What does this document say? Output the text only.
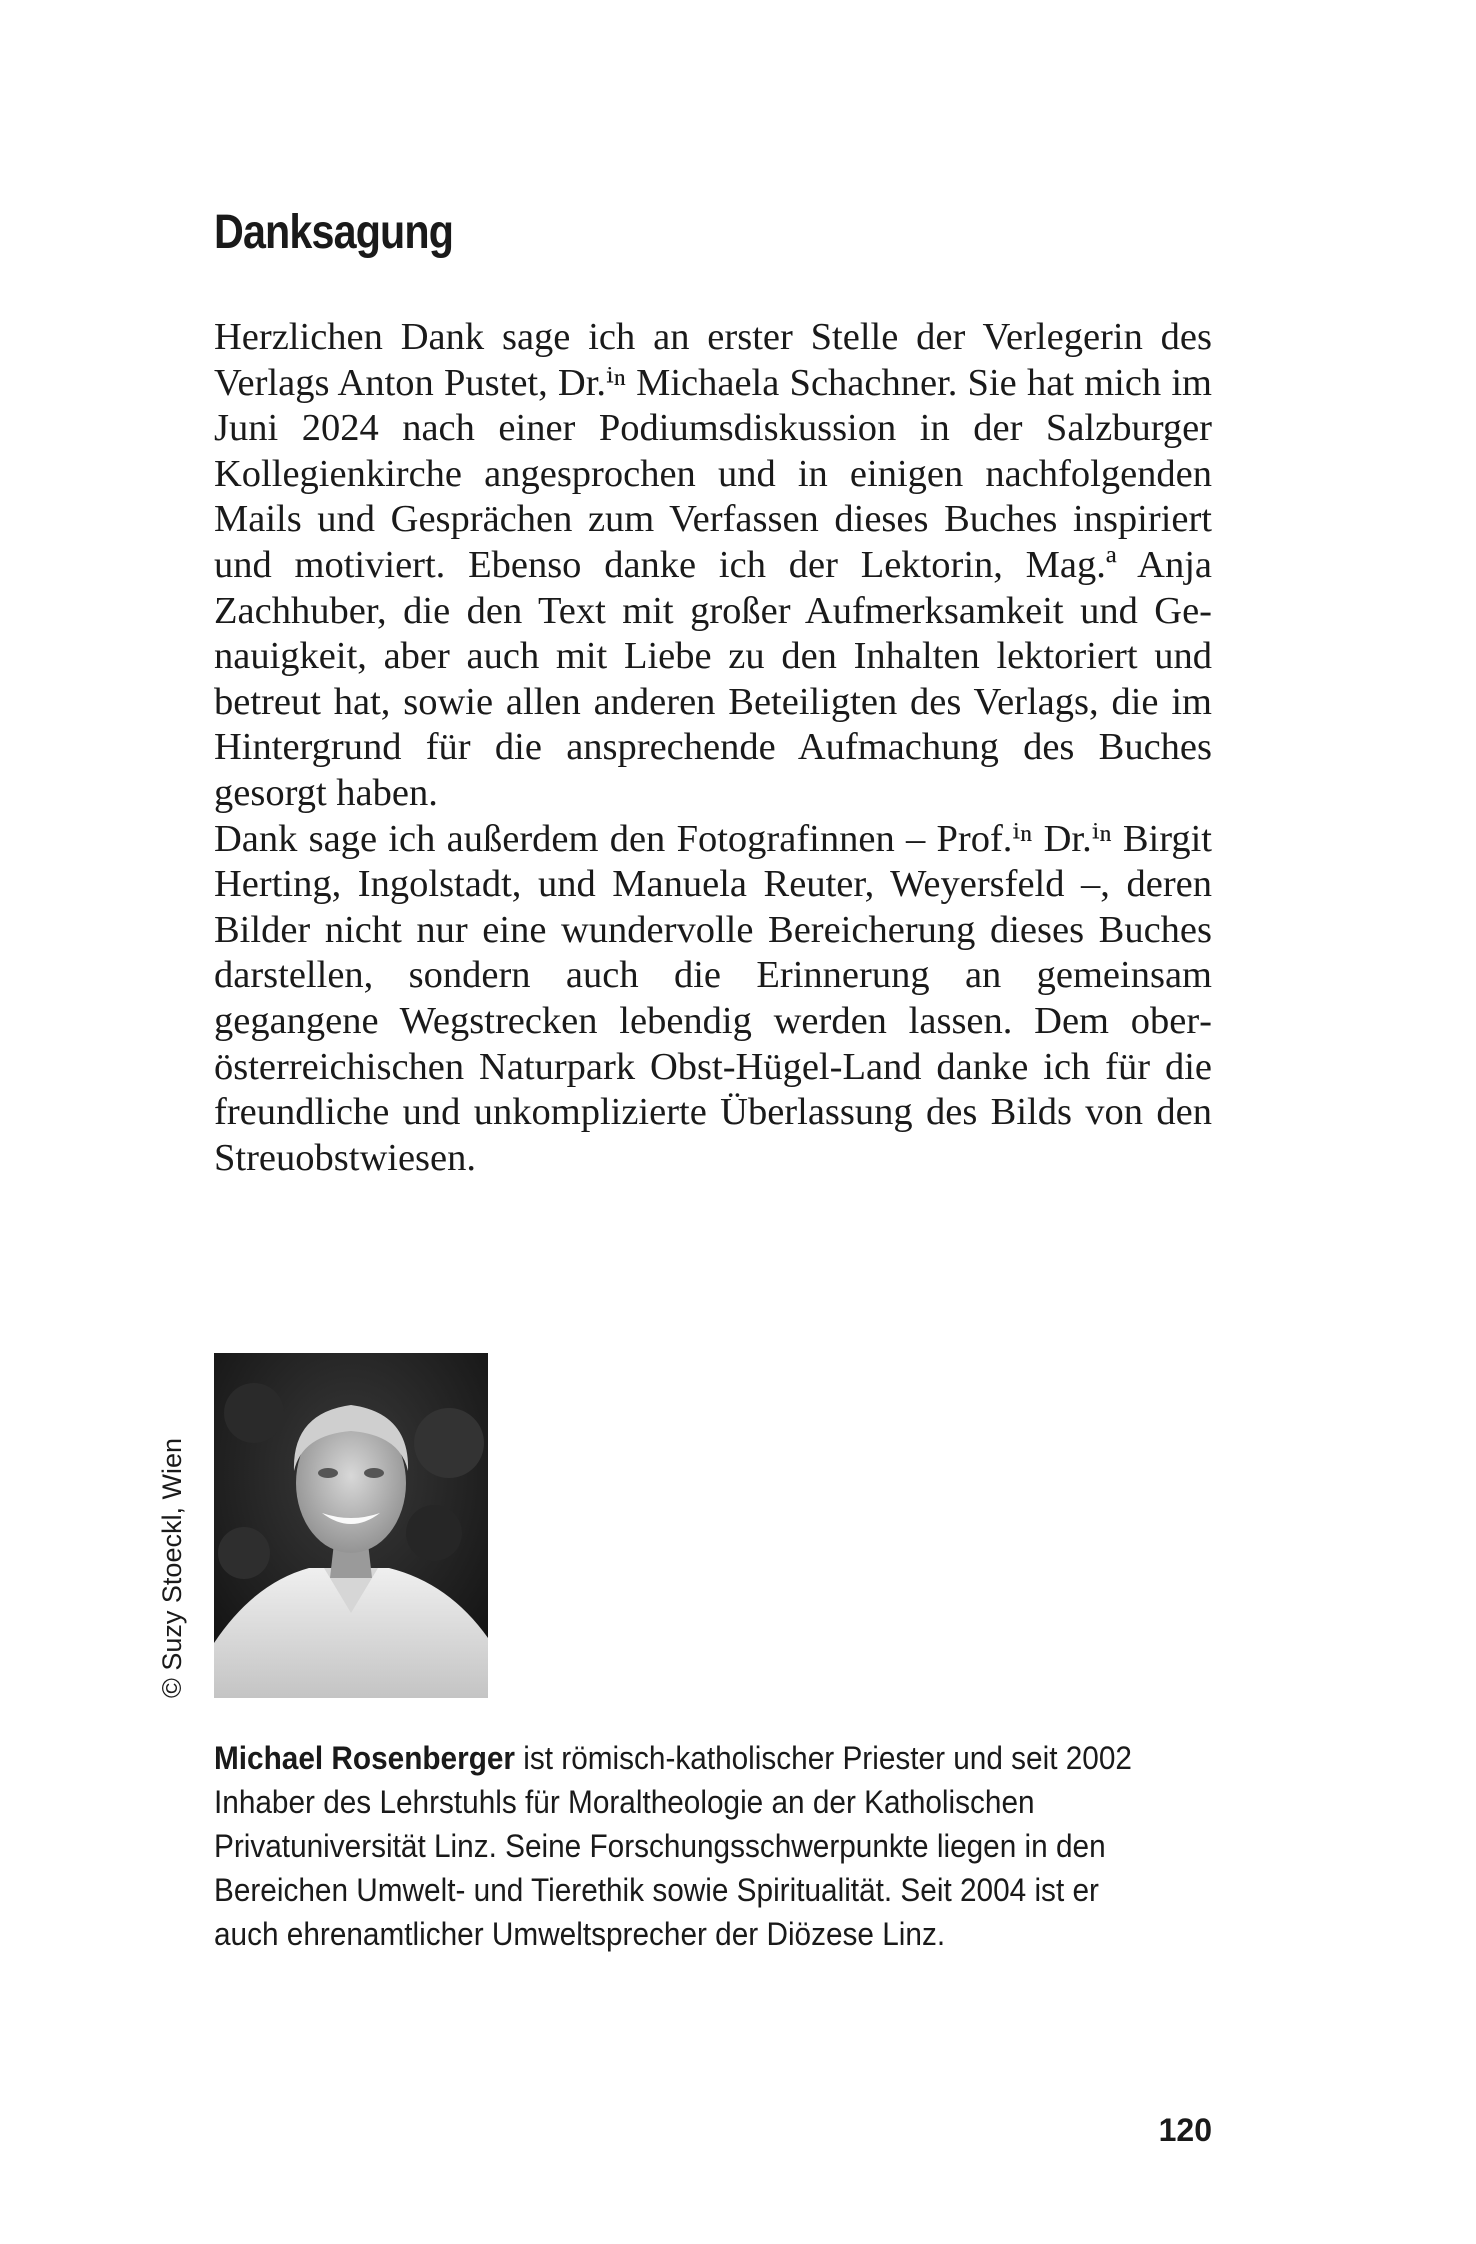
Danksagung

Herzlichen Dank sage ich an erster Stelle der Verlegerin des Verlags Anton Pustet, Dr.ⁱⁿ Michaela Schachner. Sie hat mich im Juni 2024 nach einer Podiumsdiskussion in der Salzburger Kollegienkirche angesprochen und in einigen nachfolgenden Mails und Gesprächen zum Verfassen dieses Buches inspiriert und motiviert. Ebenso danke ich der Lektorin, Mag.ª Anja Zachhuber, die den Text mit großer Aufmerksamkeit und Genauigkeit, aber auch mit Liebe zu den Inhalten lektoriert und betreut hat, sowie allen anderen Beteiligten des Verlags, die im Hintergrund für die ansprechende Aufmachung des Buches gesorgt haben.

Dank sage ich außerdem den Fotografinnen – Prof.ⁱⁿ Dr.ⁱⁿ Birgit Herting, Ingolstadt, und Manuela Reuter, Weyersfeld –, deren Bilder nicht nur eine wundervolle Bereicherung dieses Buches darstellen, sondern auch die Erinnerung an gemeinsam gegangene Wegstrecken lebendig werden lassen. Dem oberösterreichischen Naturpark Obst-Hügel-Land danke ich für die freundliche und unkomplizierte Überlassung des Bilds von den Streuobstwiesen.

© Suzy Stoeckl, Wien
Michael Rosenberger ist römisch-katholischer Priester und seit 2002 Inhaber des Lehrstuhls für Moraltheologie an der Katholischen Privatuniversität Linz. Seine Forschungsschwerpunkte liegen in den Bereichen Umwelt- und Tierethik sowie Spiritualität. Seit 2004 ist er auch ehrenamtlicher Umweltsprecher der Diözese Linz.
120
